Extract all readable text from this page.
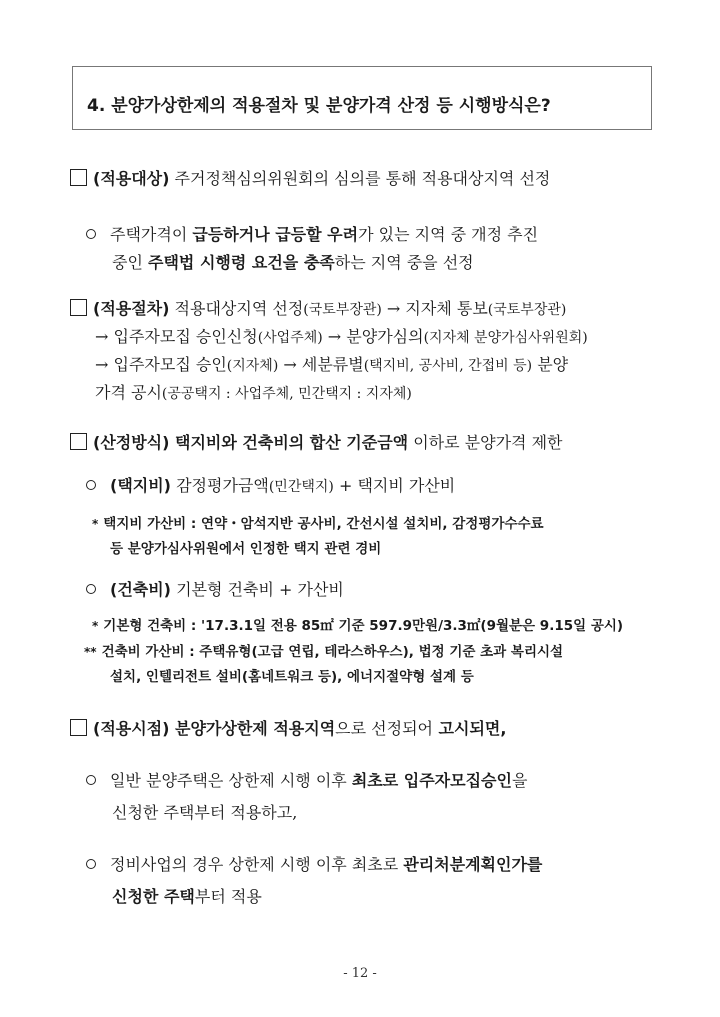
4. 분양가상한제의 적용절차 및 분양가격 산정 등 시행방식은?
(적용대상) 주거정책심의위원회의 심의를 통해 적용대상지역 선정
주택가격이 급등하거나 급등할 우려가 있는 지역 중 개정 추진
중인 주택법 시행령 요건을 충족하는 지역 중을 선정
(적용절차) 적용대상지역 선정(국토부장관) → 지자체 통보(국토부장관)
→ 입주자모집 승인신청(사업주체) → 분양가심의(지자체 분양가심사위원회)
→ 입주자모집 승인(지자체) → 세분류별(택지비, 공사비, 간접비 등) 분양
가격 공시(공공택지 : 사업주체, 민간택지 : 지자체)
(산정방식) 택지비와 건축비의 합산 기준금액 이하로 분양가격 제한
(택지비) 감정평가금액(민간택지) + 택지비 가산비
* 택지비 가산비 : 연약・암석지반 공사비, 간선시설 설치비, 감정평가수수료
등 분양가심사위원에서 인정한 택지 관련 경비
(건축비) 기본형 건축비 + 가산비
* 기본형 건축비 : '17.3.1일 전용 85㎡ 기준 597.9만원/3.3㎡(9월분은 9.15일 공시)
** 건축비 가산비 : 주택유형(고급 연립, 테라스하우스), 법정 기준 초과 복리시설
설치, 인텔리전트 설비(홈네트워크 등), 에너지절약형 설계 등
(적용시점) 분양가상한제 적용지역으로 선정되어 고시되면,
일반 분양주택은 상한제 시행 이후 최초로 입주자모집승인을
신청한 주택부터 적용하고,
정비사업의 경우 상한제 시행 이후 최초로 관리처분계획인가를
신청한 주택부터 적용
- 12 -
